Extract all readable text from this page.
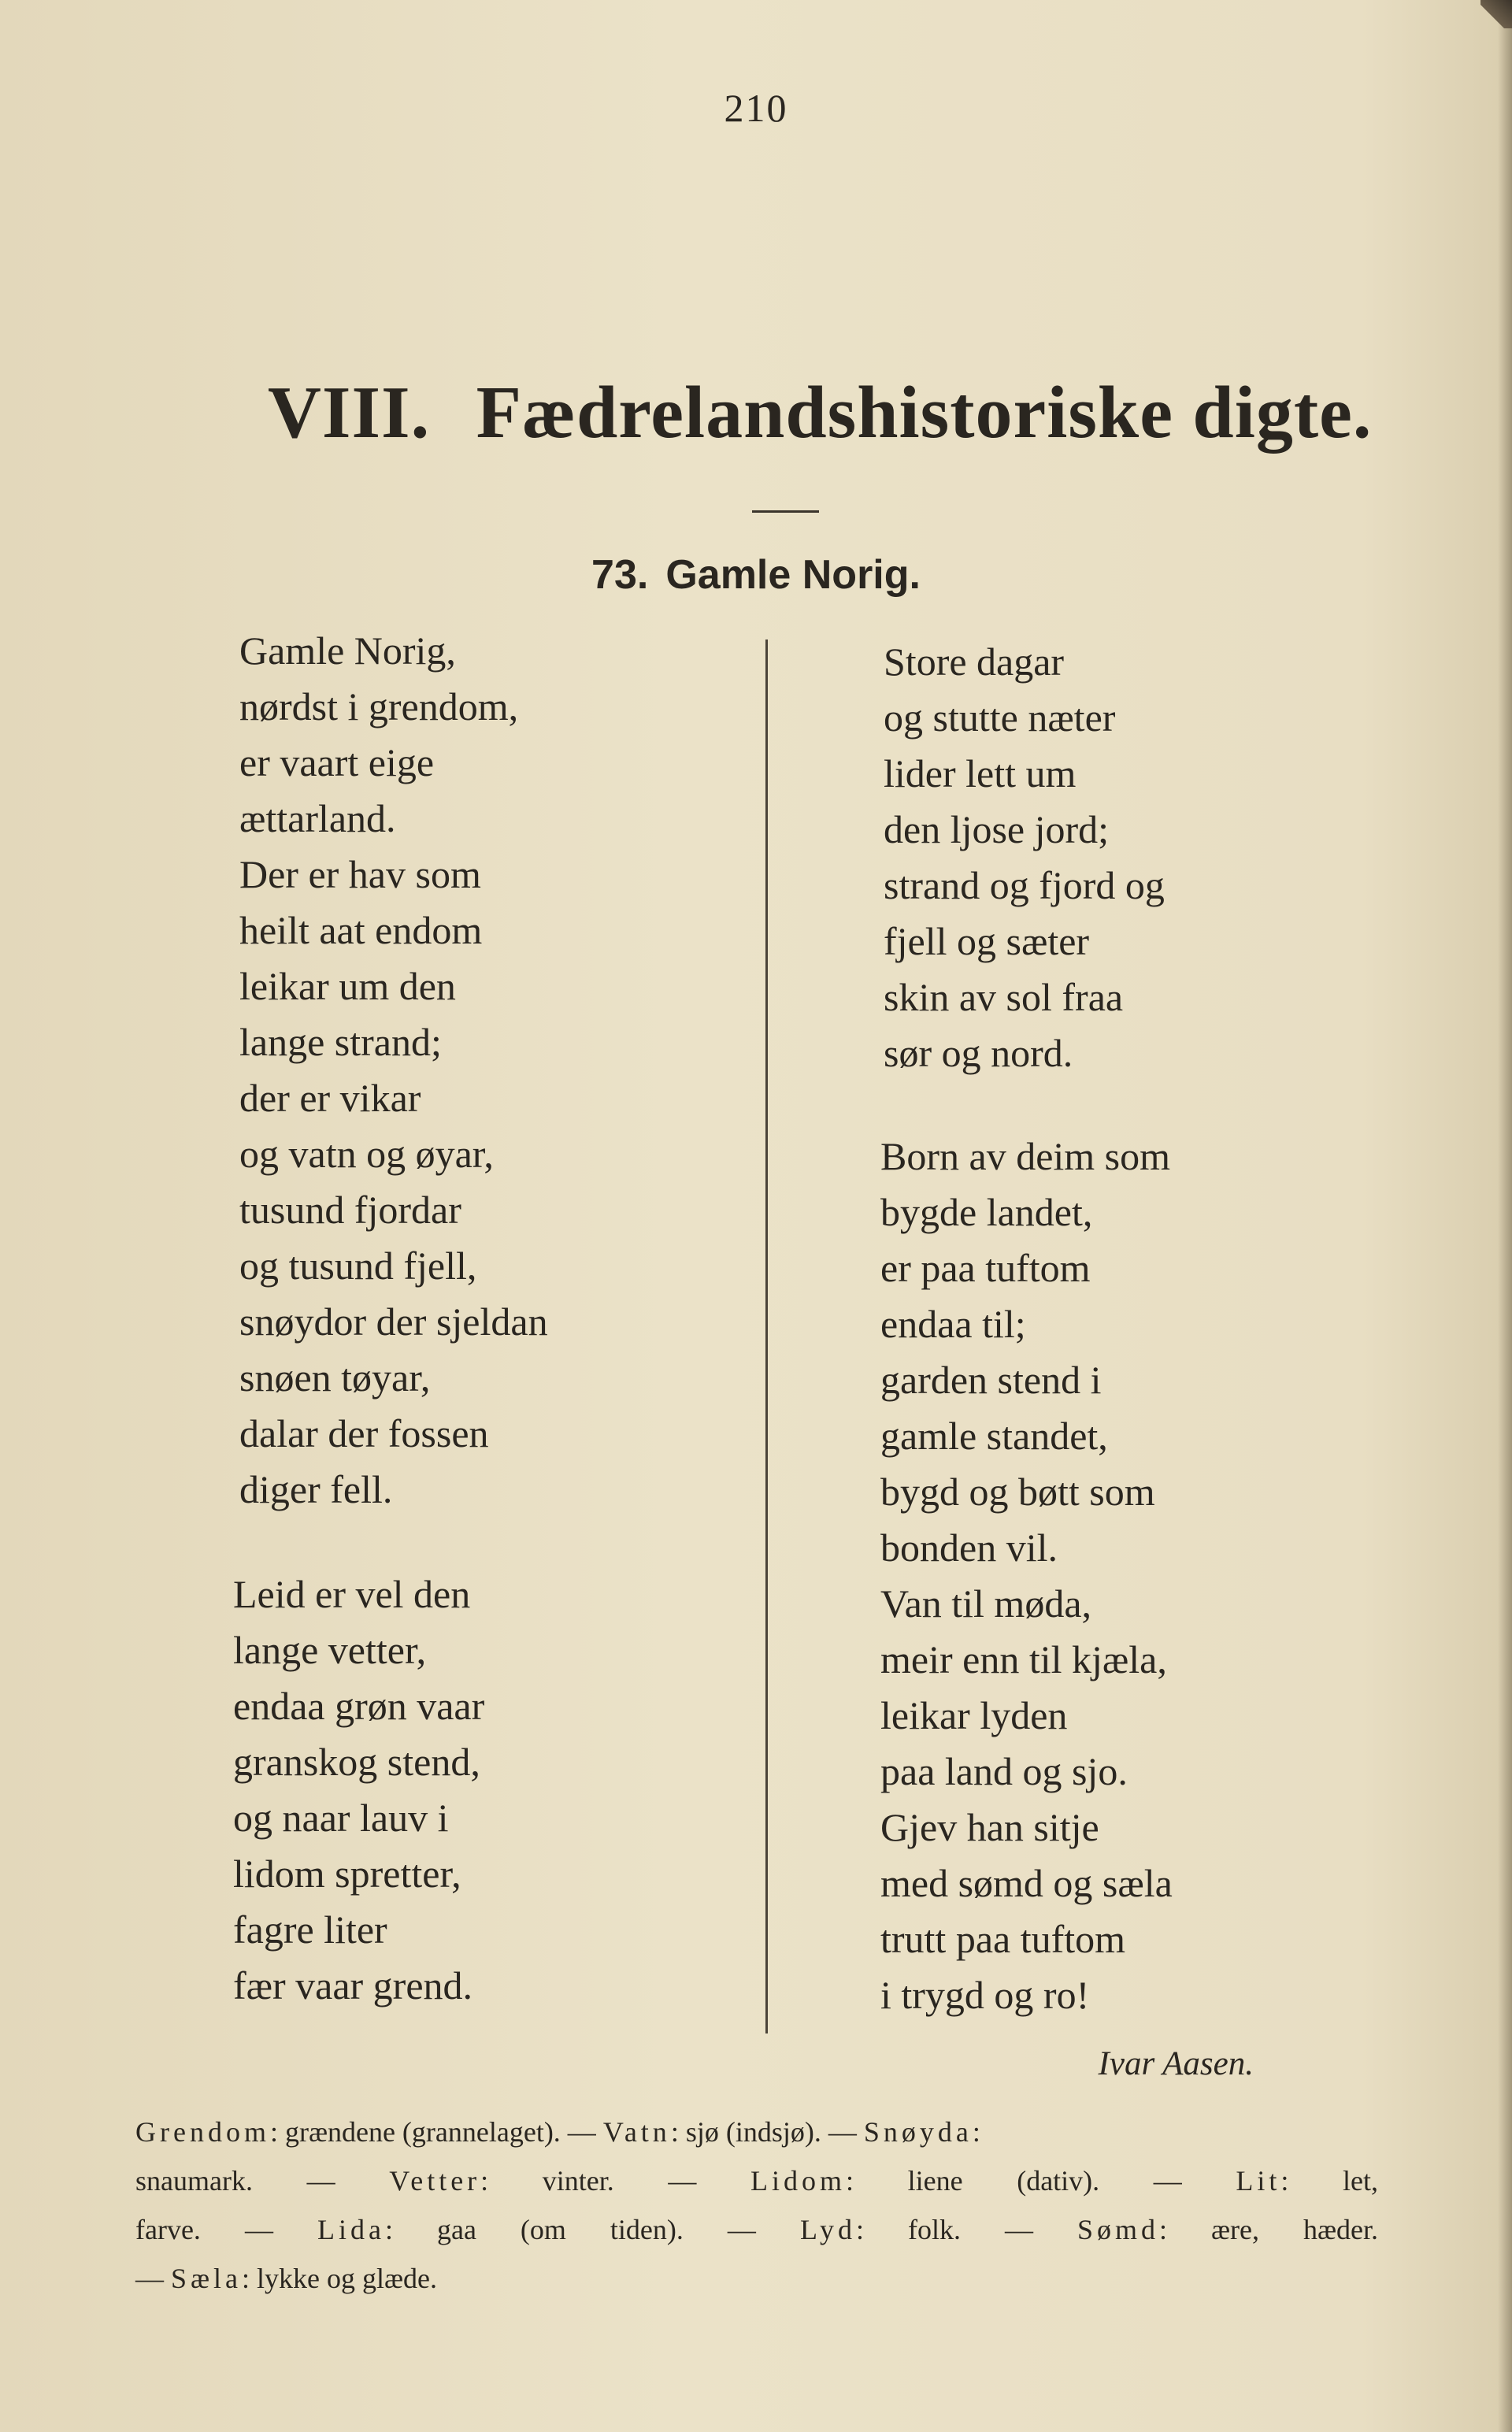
210
VIII. Fædrelandshistoriske digte.
73. Gamle Norig.
Gamle Norig,
nørdst i grendom,
er vaart eige
ættarland.
Der er hav som
heilt aat endom
leikar um den
lange strand;
der er vikar
og vatn og øyar,
tusund fjordar
og tusund fjell,
snøydor der sjeldan
snøen tøyar,
dalar der fossen
diger fell.
Leid er vel den
lange vetter,
endaa grøn vaar
granskog stend,
og naar lauv i
lidom spretter,
fagre liter
fær vaar grend.
Store dagar
og stutte næter
lider lett um
den ljose jord;
strand og fjord og
fjell og sæter
skin av sol fraa
sør og nord.
Born av deim som
bygde landet,
er paa tuftom
endaa til;
garden stend i
gamle standet,
bygd og bøtt som
bonden vil.
Van til møda,
meir enn til kjæla,
leikar lyden
paa land og sjo.
Gjev han sitje
med sømd og sæla
trutt paa tuftom
i trygd og ro!
Ivar Aasen.
Grendom: grændene (grannelaget). — Vatn: sjø (indsjø). — Snøyda:
snaumark. — Vetter: vinter. — Lidom: liene (dativ). — Lit: let,
farve. — Lida: gaa (om tiden). — Lyd: folk. — Sømd: ære, hæder.
— Sæla: lykke og glæde.
